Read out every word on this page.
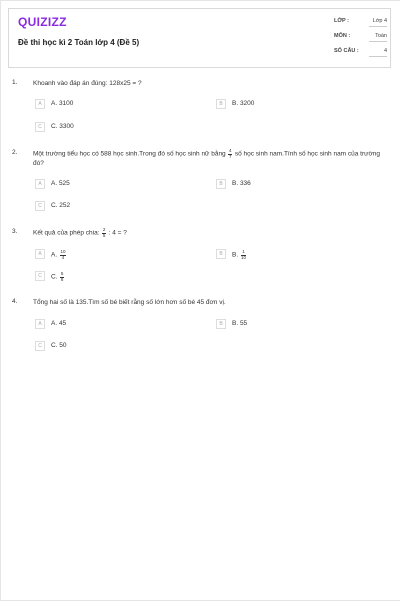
QUIZIZZ
Đề thi học kì 2 Toán lớp 4 (Đề 5)
LỚP :	Lớp 4
MÔN :	Toán
SỐ CÂU :	4
1. Khoanh vào đáp án đúng: 128x25 = ?
A	A. 3100	B	B. 3200
C	C. 3300
2. Một trường tiểu học có 588 học sinh.Trong đó số học sinh nữ bằng $\frac{4}{7}$ số học sinh nam.Tính số học sinh nam của trường đó?
A	A. 525	B	B. 336
C	C. 252
3. Kết quả của phép chia: $\frac{2}{5}$ : 4 = ?
A	A. $\frac{10}{4}$	B	B. $\frac{1}{10}$
C	C. $\frac{5}{8}$
4. Tổng hai số là 135.Tìm số bé biết rằng số lớn hơn số bé 45 đơn vị.
A	A. 45	B	B. 55
C	C. 50
